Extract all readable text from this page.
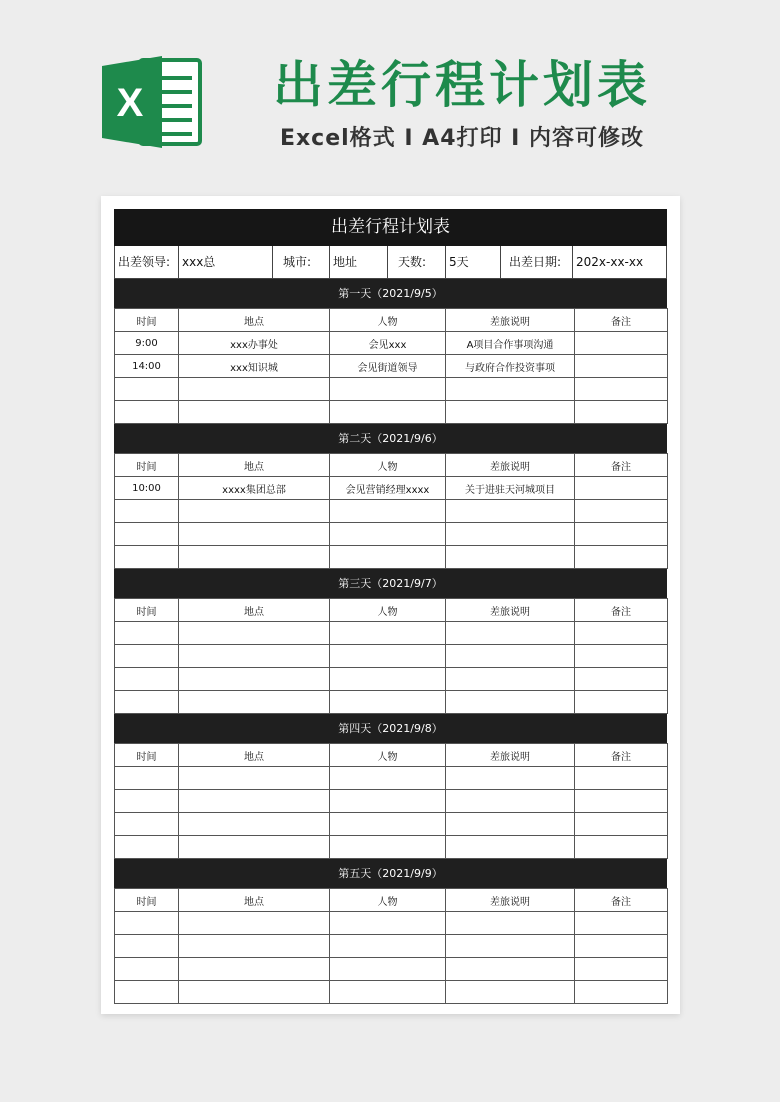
X	出差行程计划表
Excel格式 I A4打印 I 内容可修改
出差行程计划表
出差领导: xxx总	城市:	地址	天数:	5天	出差日期:	202x-xx-xx
第一天（2021/9/5）
时间	地点	人物	差旅说明	备注
9:00	xxx办事处	会见xxx	A项目合作事项沟通	
14:00	xxx知识城	会见街道领导	与政府合作投资事项	

第二天（2021/9/6）
时间	地点	人物	差旅说明	备注
10:00	xxxx集团总部	会见营销经理xxxx	关于进驻天河城项目	

第三天（2021/9/7）
时间	地点	人物	差旅说明	备注

第四天（2021/9/8）
时间	地点	人物	差旅说明	备注

第五天（2021/9/9）
时间	地点	人物	差旅说明	备注
